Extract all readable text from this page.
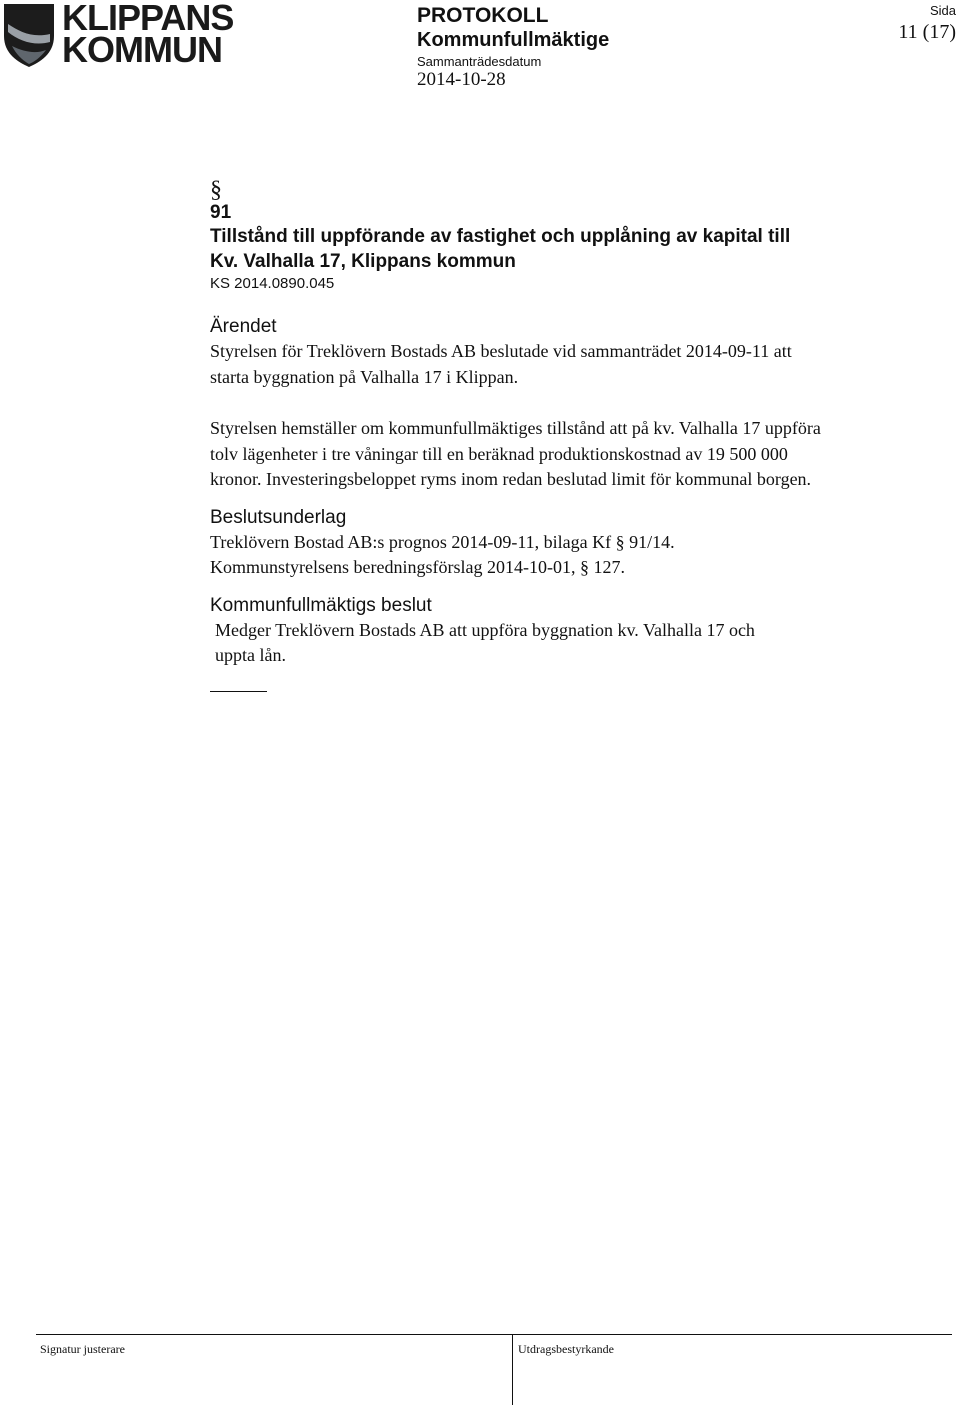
KLIPPANS
KOMMUN
PROTOKOLL
Kommunfullmäktige
Sammanträdesdatum
2014-10-28
Sida
11 (17)
§
91
Tillstånd till uppförande av fastighet och upplåning av kapital till
Kv. Valhalla 17, Klippans kommun
KS 2014.0890.045
Ärendet
Styrelsen för Treklövern Bostads AB beslutade vid sammanträdet 2014-09-11 att
starta byggnation på Valhalla 17 i Klippan.
Styrelsen hemställer om kommunfullmäktiges tillstånd att på kv. Valhalla 17 uppföra
tolv lägenheter i tre våningar till en beräknad produktionskostnad av 19 500 000
kronor. Investeringsbeloppet ryms inom redan beslutad limit för kommunal borgen.
Beslutsunderlag
Treklövern Bostad AB:s prognos 2014-09-11, bilaga Kf § 91/14.
Kommunstyrelsens beredningsförslag 2014-10-01, § 127.
Kommunfullmäktigs beslut
Medger Treklövern Bostads AB att uppföra byggnation kv. Valhalla 17 och
uppta lån.
Signatur justerare	Utdragsbestyrkande
